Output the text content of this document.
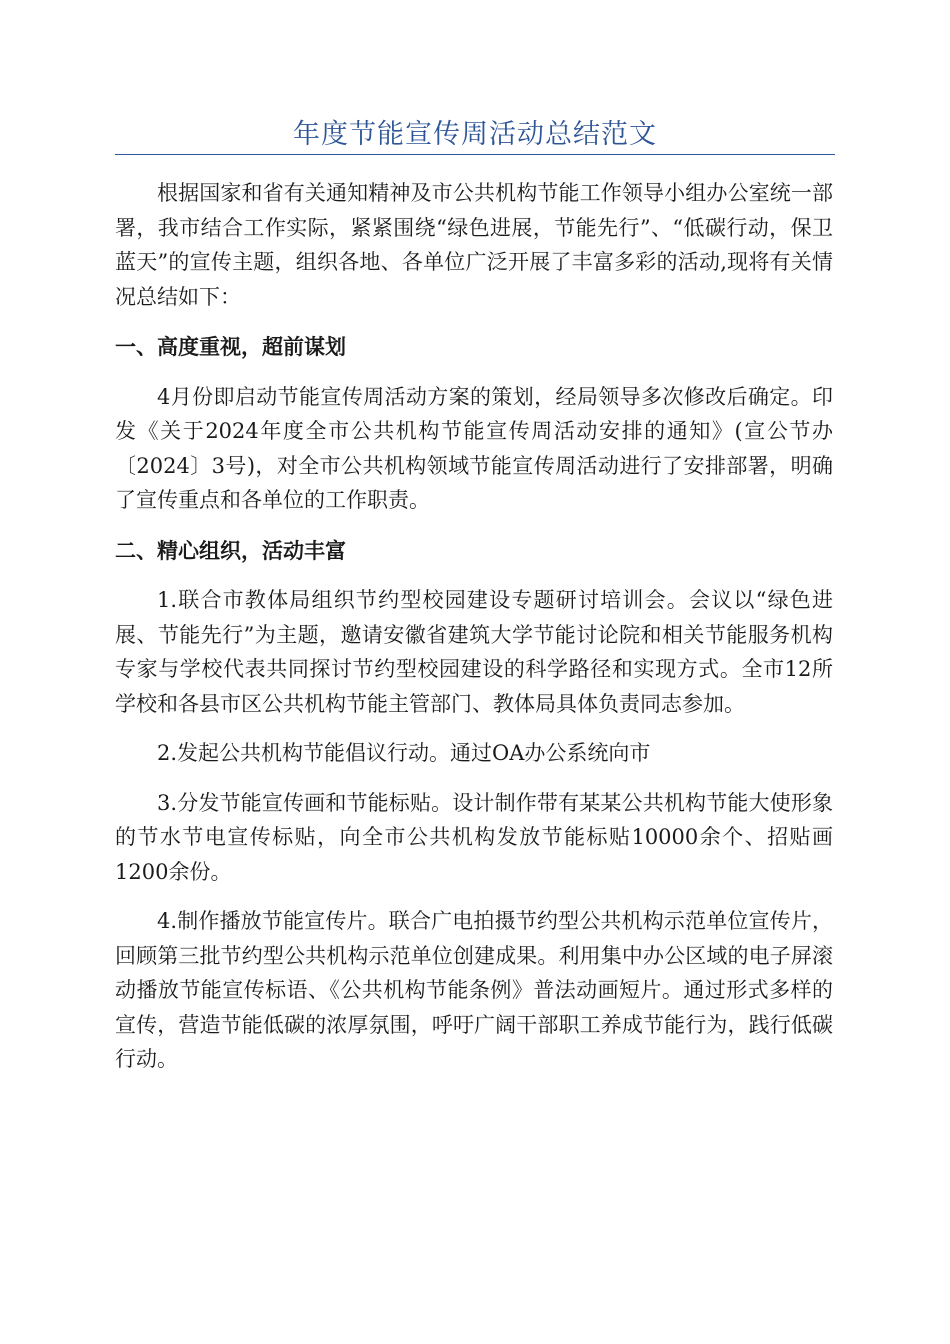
年度节能宣传周活动总结范文

根据国家和省有关通知精神及市公共机构节能工作领导小组办公室统一部署，我市结合工作实际，紧紧围绕“绿色进展，节能先行”、“低碳行动，保卫蓝天”的宣传主题，组织各地、各单位广泛开展了丰富多彩的活动,现将有关情况总结如下：

一、高度重视，超前谋划

4月份即启动节能宣传周活动方案的策划，经局领导多次修改后确定。印发《关于2024年度全市公共机构节能宣传周活动安排的通知》(宣公节办〔2024〕3号)，对全市公共机构领域节能宣传周活动进行了安排部署，明确了宣传重点和各单位的工作职责。

二、精心组织，活动丰富

1.联合市教体局组织节约型校园建设专题研讨培训会。会议以“绿色进展、节能先行”为主题，邀请安徽省建筑大学节能讨论院和相关节能服务机构专家与学校代表共同探讨节约型校园建设的科学路径和实现方式。全市12所学校和各县市区公共机构节能主管部门、教体局具体负责同志参加。

2.发起公共机构节能倡议行动。通过OA办公系统向市

3.分发节能宣传画和节能标贴。设计制作带有某某公共机构节能大使形象的节水节电宣传标贴，向全市公共机构发放节能标贴10000余个、招贴画1200余份。

4.制作播放节能宣传片。联合广电拍摄节约型公共机构示范单位宣传片，回顾第三批节约型公共机构示范单位创建成果。利用集中办公区域的电子屏滚动播放节能宣传标语、《公共机构节能条例》普法动画短片。通过形式多样的宣传，营造节能低碳的浓厚氛围，呼吁广阔干部职工养成节能行为，践行低碳行动。
